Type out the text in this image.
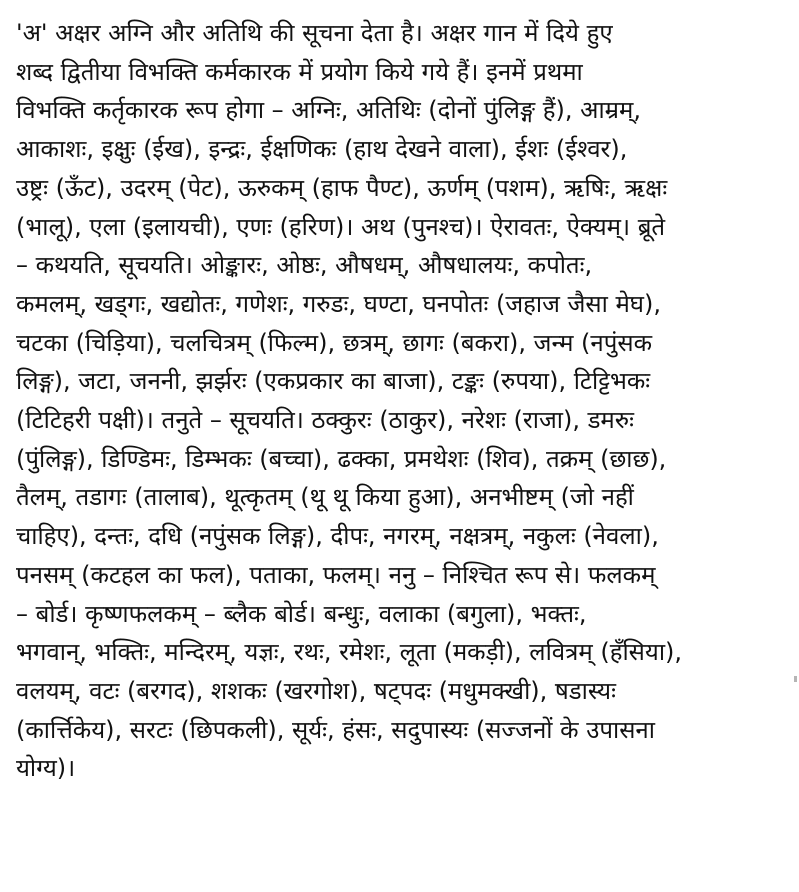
'अ' अक्षर अग्नि और अतिथि की सूचना देता है। अक्षर गान में दिये हुए
शब्द द्वितीया विभक्ति कर्मकारक में प्रयोग किये गये हैं। इनमें प्रथमा
विभक्ति कर्तृकारक रूप होगा – अग्निः, अतिथिः (दोनों पुंलिङ्ग हैं), आम्रम्,
आकाशः, इक्षुः (ईख), इन्द्रः, ईक्षणिकः (हाथ देखने वाला), ईशः (ईश्वर),
उष्ट्रः (ऊँट), उदरम् (पेट), ऊरुकम् (हाफ पैण्ट), ऊर्णम् (पशम), ऋषिः, ऋक्षः
(भालू), एला (इलायची), एणः (हरिण)। अथ (पुनश्च)। ऐरावतः, ऐक्यम्। ब्रूते
– कथयति, सूचयति। ओङ्कारः, ओष्ठः, औषधम्, औषधालयः, कपोतः,
कमलम्, खड्गः, खद्योतः, गणेशः, गरुडः, घण्टा, घनपोतः (जहाज जैसा मेघ),
चटका (चिड़िया), चलचित्रम् (फिल्म), छत्रम्, छागः (बकरा), जन्म (नपुंसक
लिङ्ग), जटा, जननी, झर्झरः (एकप्रकार का बाजा), टङ्कः (रुपया), टिट्टिभकः
(टिटिहरी पक्षी)। तनुते – सूचयति। ठक्कुरः (ठाकुर), नरेशः (राजा), डमरुः
(पुंलिङ्ग), डिण्डिमः, डिम्भकः (बच्चा), ढक्का, प्रमथेशः (शिव), तक्रम् (छाछ),
तैलम्, तडागः (तालाब), थूत्कृतम् (थू थू किया हुआ), अनभीष्टम् (जो नहीं
चाहिए), दन्तः, दधि (नपुंसक लिङ्ग), दीपः, नगरम्, नक्षत्रम्, नकुलः (नेवला),
पनसम् (कटहल का फल), पताका, फलम्। ननु – निश्चित रूप से। फलकम्
– बोर्ड। कृष्णफलकम् – ब्लैक बोर्ड। बन्धुः, वलाका (बगुला), भक्तः,
भगवान्, भक्तिः, मन्दिरम्, यज्ञः, रथः, रमेशः, लूता (मकड़ी), लवित्रम् (हँसिया),
वलयम्, वटः (बरगद), शशकः (खरगोश), षट्पदः (मधुमक्खी), षडास्यः
(कार्त्तिकेय), सरटः (छिपकली), सूर्यः, हंसः, सदुपास्यः (सज्जनों के उपासना
योग्य)।
